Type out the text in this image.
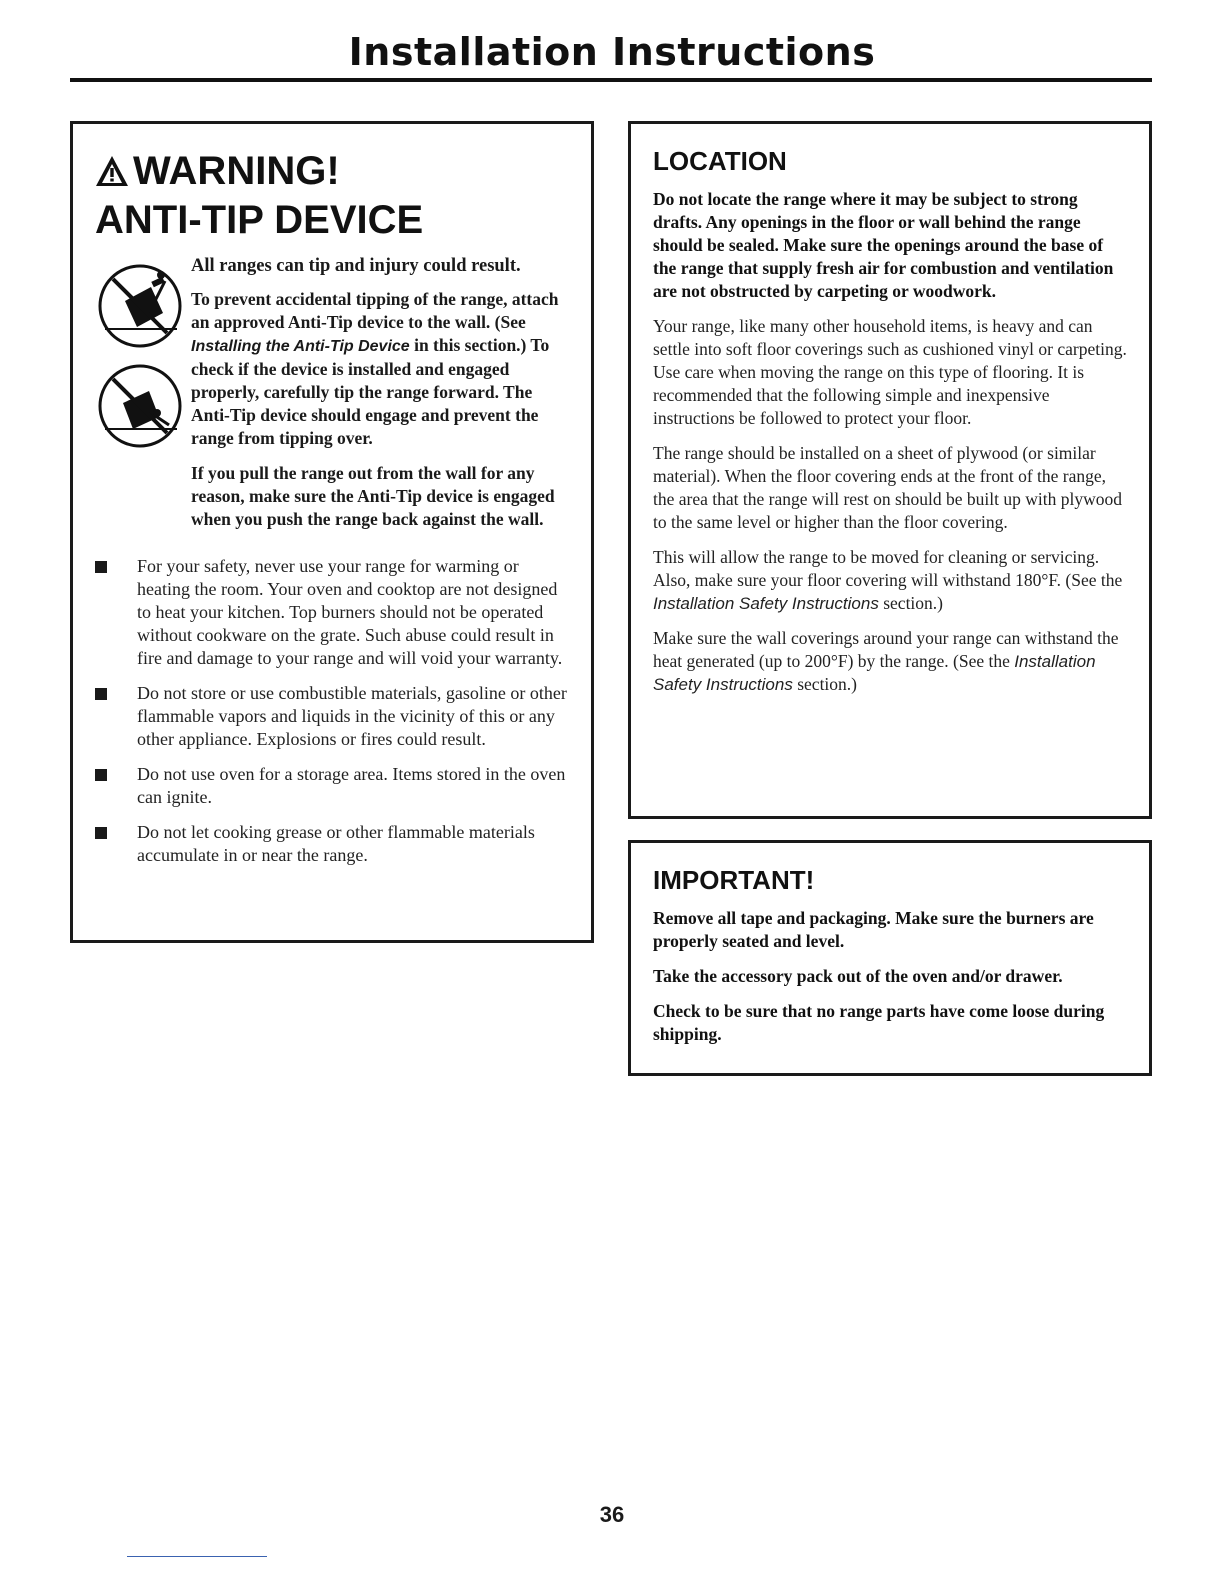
Installation Instructions
WARNING!
ANTI-TIP DEVICE

All ranges can tip and injury could result.

To prevent accidental tipping of the range, attach an approved Anti-Tip device to the wall. (See Installing the Anti-Tip Device in this section.) To check if the device is installed and engaged properly, carefully tip the range forward. The Anti-Tip device should engage and prevent the range from tipping over.

If you pull the range out from the wall for any reason, make sure the Anti-Tip device is engaged when you push the range back against the wall.

For your safety, never use your range for warming or heating the room. Your oven and cooktop are not designed to heat your kitchen. Top burners should not be operated without cookware on the grate. Such abuse could result in fire and damage to your range and will void your warranty.
Do not store or use combustible materials, gasoline or other flammable vapors and liquids in the vicinity of this or any other appliance. Explosions or fires could result.
Do not use oven for a storage area. Items stored in the oven can ignite.
Do not let cooking grease or other flammable materials accumulate in or near the range.
LOCATION

Do not locate the range where it may be subject to strong drafts. Any openings in the floor or wall behind the range should be sealed. Make sure the openings around the base of the range that supply fresh air for combustion and ventilation are not obstructed by carpeting or woodwork.

Your range, like many other household items, is heavy and can settle into soft floor coverings such as cushioned vinyl or carpeting. Use care when moving the range on this type of flooring. It is recommended that the following simple and inexpensive instructions be followed to protect your floor.

The range should be installed on a sheet of plywood (or similar material). When the floor covering ends at the front of the range, the area that the range will rest on should be built up with plywood to the same level or higher than the floor covering.

This will allow the range to be moved for cleaning or servicing. Also, make sure your floor covering will withstand 180°F. (See the Installation Safety Instructions section.)

Make sure the wall coverings around your range can withstand the heat generated (up to 200°F) by the range. (See the Installation Safety Instructions section.)

IMPORTANT!

Remove all tape and packaging. Make sure the burners are properly seated and level.

Take the accessory pack out of the oven and/or drawer.

Check to be sure that no range parts have come loose during shipping.

36
